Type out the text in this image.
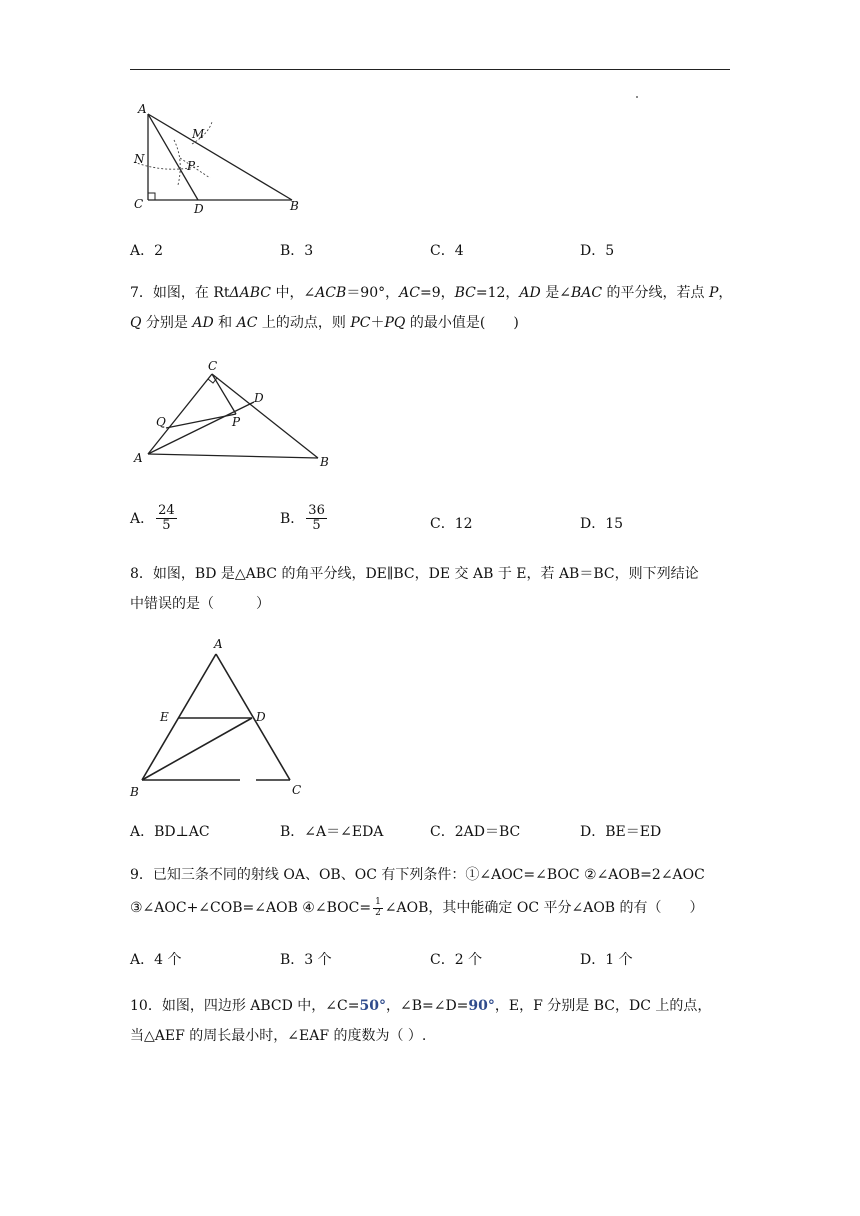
A
M
N	P
C	D	B
A．2	B．3	C．4	D．5
7．如图，在 RtΔABC 中，∠ACB＝90°，AC=9，BC=12，AD 是∠BAC 的平分线，若点 P，
Q 分别是 AD 和 AC 上的动点，则 PC＋PQ 的最小值是(　　)
C
D
Q	P
A	B
A． $\frac{24}{5}$	B． $\frac{36}{5}$	C．12	D．15
8．如图，BD 是△ABC 的角平分线，DE∥BC，DE 交 AB 于 E，若 AB＝BC，则下列结论
中错误的是（　　　）
A
E	D
B	C
A．BD⊥AC	B．∠A＝∠EDA	C．2AD＝BC	D．BE＝ED
9．已知三条不同的射线 OA、OB、OC 有下列条件：①∠AOC=∠BOC ②∠AOB=2∠AOC
③∠AOC+∠COB=∠AOB ④∠BOC= $\frac{1}{2}$ ∠AOB，其中能确定 OC 平分∠AOB 的有（　　）
A．4 个	B．3 个	C．2 个	D．1 个
10．如图，四边形 ABCD 中，∠C=50°，∠B=∠D=90°，E，F 分别是 BC，DC 上的点，
当△AEF 的周长最小时，∠EAF 的度数为（ ）.
